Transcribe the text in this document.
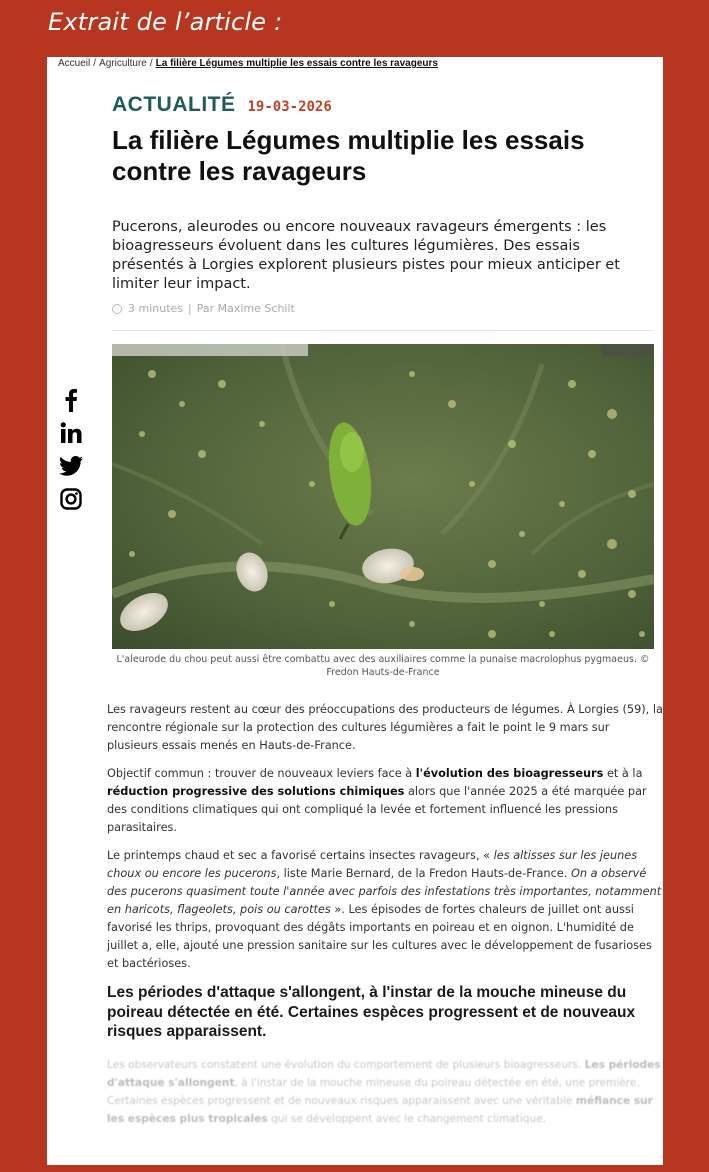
Extrait de l’article :
Accueil / Agriculture / La filière Légumes multiplie les essais contre les ravageurs
ACTUALITÉ 19-03-2026
La filière Légumes multiplie les essais contre les ravageurs

Pucerons, aleurodes ou encore nouveaux ravageurs émergents : les bioagresseurs évoluent dans les cultures légumières. Des essais présentés à Lorgies explorent plusieurs pistes pour mieux anticiper et limiter leur impact.

3 minutes | Par Maxime Schilt
L'aleurode du chou peut aussi être combattu avec des auxiliaires comme la punaise macrolophus pygmaeus. © Fredon Hauts-de-France

Les ravageurs restent au cœur des préoccupations des producteurs de légumes. À Lorgies (59), la rencontre régionale sur la protection des cultures légumières a fait le point le 9 mars sur plusieurs essais menés en Hauts-de-France.

Objectif commun : trouver de nouveaux leviers face à l'évolution des bioagresseurs et à la réduction progressive des solutions chimiques alors que l'année 2025 a été marquée par des conditions climatiques qui ont compliqué la levée et fortement influencé les pressions parasitaires.

Le printemps chaud et sec a favorisé certains insectes ravageurs, « les altisses sur les jeunes choux ou encore les pucerons, liste Marie Bernard, de la Fredon Hauts-de-France. On a observé des pucerons quasiment toute l'année avec parfois des infestations très importantes, notamment en haricots, flageolets, pois ou carottes ». Les épisodes de fortes chaleurs de juillet ont aussi favorisé les thrips, provoquant des dégâts importants en poireau et en oignon. L'humidité de juillet a, elle, ajouté une pression sanitaire sur les cultures avec le développement de fusarioses et bactérioses.

Les périodes d'attaque s'allongent, à l'instar de la mouche mineuse du poireau détectée en été. Certaines espèces progressent et de nouveaux risques apparaissent.

Les observateurs constatent une évolution du comportement de plusieurs bioagresseurs. Les périodes d'attaque s'allongent, à l'instar de la mouche mineuse du poireau détectée en été, une première. Certaines espèces progressent et de nouveaux risques apparaissent avec une véritable méfiance sur les espèces plus tropicales qui se développent avec le changement climatique.
